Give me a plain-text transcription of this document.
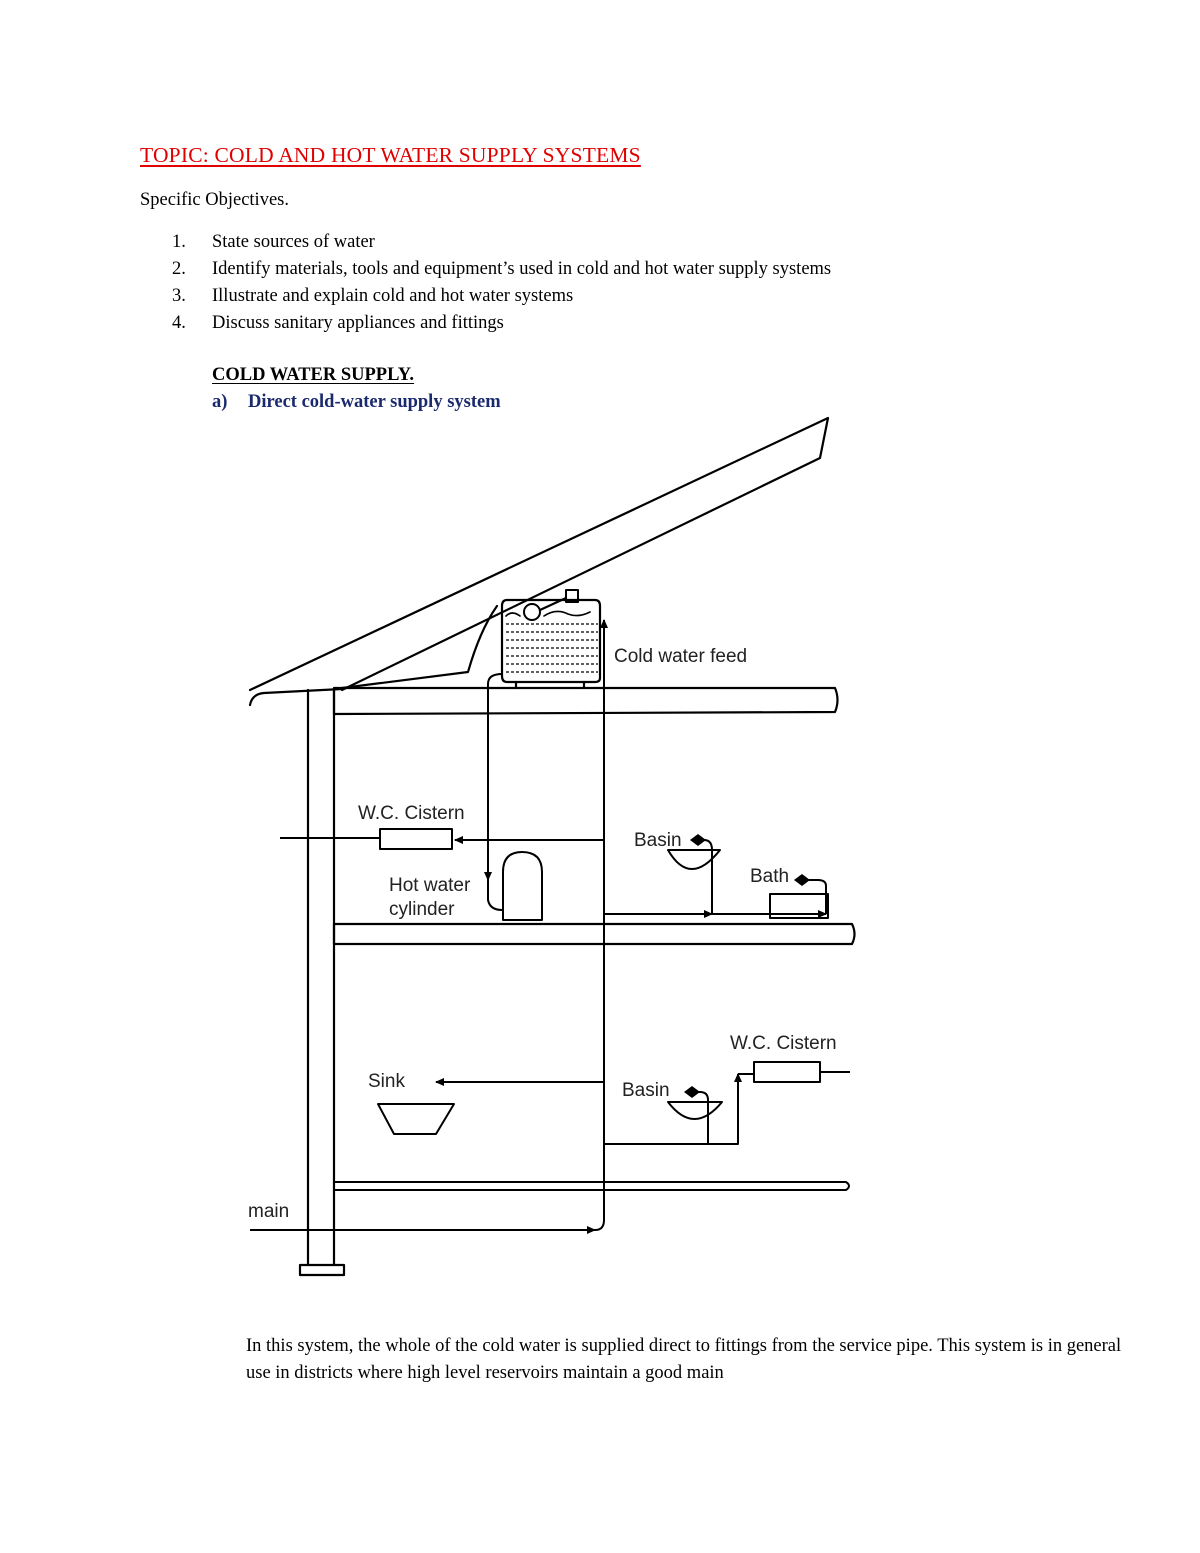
TOPIC: COLD AND HOT WATER SUPPLY SYSTEMS
Specific Objectives.
1. State sources of water
2. Identify materials, tools and equipment’s used in cold and hot water supply systems
3. Illustrate and explain cold and hot water systems
4. Discuss sanitary appliances and fittings
COLD WATER SUPPLY.
a) Direct cold-water supply system
Cold water feed
W.C. Cistern
Basin
Bath
Hot water
cylinder
W.C. Cistern
Sink	Basin
main

In this system, the whole of the cold water is supplied direct to fittings from the service pipe. This system is in general use in districts where high level reservoirs maintain a good main
